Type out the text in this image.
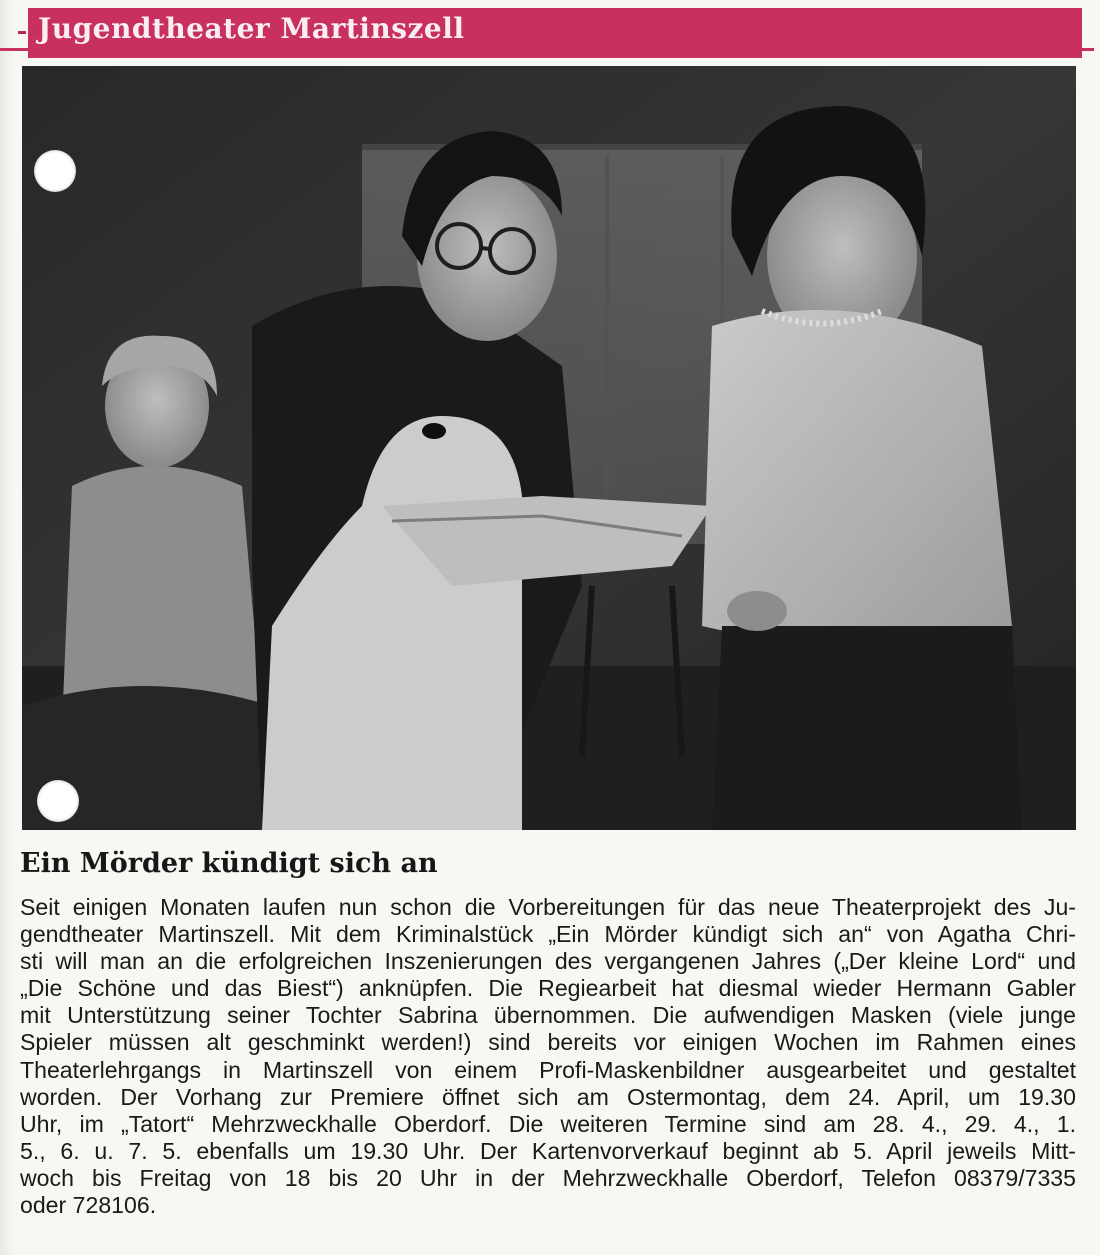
Jugendtheater Martinszell
Ein Mörder kündigt sich an
Seit einigen Monaten laufen nun schon die Vorbereitungen für das neue Theaterprojekt des Ju-
gendtheater Martinszell. Mit dem Kriminalstück „Ein Mörder kündigt sich an“ von Agatha Chri-
sti will man an die erfolgreichen Inszenierungen des vergangenen Jahres („Der kleine Lord“ und
„Die Schöne und das Biest“) anknüpfen. Die Regiearbeit hat diesmal wieder Hermann Gabler
mit Unterstützung seiner Tochter Sabrina übernommen. Die aufwendigen Masken (viele junge
Spieler müssen alt geschminkt werden!) sind bereits vor einigen Wochen im Rahmen eines
Theaterlehrgangs in Martinszell von einem Profi-Maskenbildner ausgearbeitet und gestaltet
worden. Der Vorhang zur Premiere öffnet sich am Ostermontag, dem 24. April, um 19.30
Uhr, im „Tatort“ Mehrzweckhalle Oberdorf. Die weiteren Termine sind am 28. 4., 29. 4., 1.
5., 6. u. 7. 5. ebenfalls um 19.30 Uhr. Der Kartenvorverkauf beginnt ab 5. April jeweils Mitt-
woch bis Freitag von 18 bis 20 Uhr in der Mehrzweckhalle Oberdorf, Telefon 08379/7335
oder 728106.
